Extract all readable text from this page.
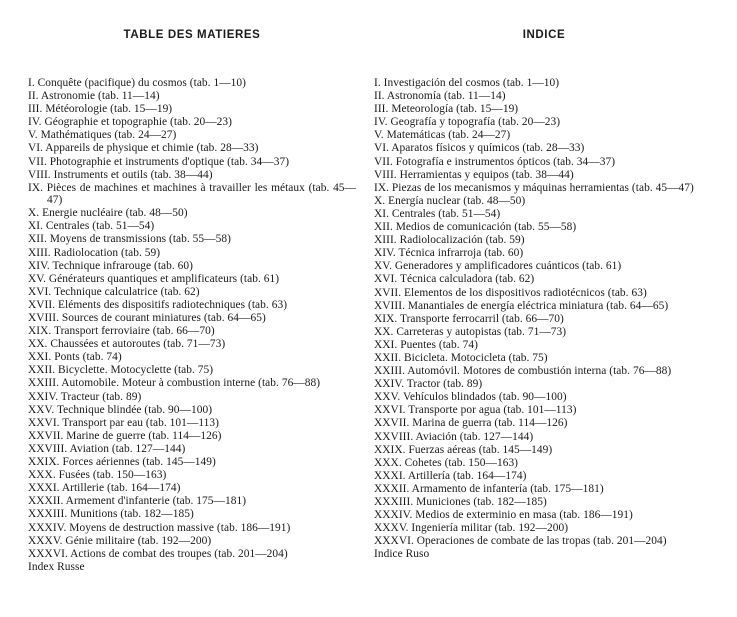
TABLE DES MATIERES
I. Conquête (pacifique) du cosmos (tab. 1—10)
II. Astronomie (tab. 11—14)
III. Météorologie (tab. 15—19)
IV. Géographie et topographie (tab. 20—23)
V. Mathématiques (tab. 24—27)
VI. Appareils de physique et chimie (tab. 28—33)
VII. Photographie et instruments d'optique (tab. 34—37)
VIII. Instruments et outils (tab. 38—44)
IX. Pièces de machines et machines à travailler les métaux (tab. 45—47)
X. Energie nucléaire (tab. 48—50)
XI. Centrales (tab. 51—54)
XII. Moyens de transmissions (tab. 55—58)
XIII. Radiolocation (tab. 59)
XIV. Technique infrarouge (tab. 60)
XV. Générateurs quantiques et amplificateurs (tab. 61)
XVI. Technique calculatrice (tab. 62)
XVII. Eléments des dispositifs radiotechniques (tab. 63)
XVIII. Sources de courant miniatures (tab. 64—65)
XIX. Transport ferroviaire (tab. 66—70)
XX. Chaussées et autoroutes (tab. 71—73)
XXI. Ponts (tab. 74)
XXII. Bicyclette. Motocyclette (tab. 75)
XXIII. Automobile. Moteur à combustion interne (tab. 76—88)
XXIV. Tracteur (tab. 89)
XXV. Technique blindée (tab. 90—100)
XXVI. Transport par eau (tab. 101—113)
XXVII. Marine de guerre (tab. 114—126)
XXVIII. Aviation (tab. 127—144)
XXIX. Forces aériennes (tab. 145—149)
XXX. Fusées (tab. 150—163)
XXXI. Artillerie (tab. 164—174)
XXXII. Armement d'infanterie (tab. 175—181)
XXXIII. Munitions (tab. 182—185)
XXXIV. Moyens de destruction massive (tab. 186—191)
XXXV. Génie militaire (tab. 192—200)
XXXVI. Actions de combat des troupes (tab. 201—204)
Index Russe
INDICE
I. Investigación del cosmos (tab. 1—10)
II. Astronomía (tab. 11—14)
III. Meteorología (tab. 15—19)
IV. Geografía y topografía (tab. 20—23)
V. Matemáticas (tab. 24—27)
VI. Aparatos físicos y químicos (tab. 28—33)
VII. Fotografía e instrumentos ópticos (tab. 34—37)
VIII. Herramientas y equipos (tab. 38—44)
IX. Piezas de los mecanismos y máquinas herramientas (tab. 45—47)
X. Energía nuclear (tab. 48—50)
XI. Centrales (tab. 51—54)
XII. Medios de comunicación (tab. 55—58)
XIII. Radiolocalización (tab. 59)
XIV. Técnica infrarroja (tab. 60)
XV. Generadores y amplificadores cuánticos (tab. 61)
XVI. Técnica calculadora (tab. 62)
XVII. Elementos de los dispositivos radiotécnicos (tab. 63)
XVIII. Manantiales de energía eléctrica miniatura (tab. 64—65)
XIX. Transporte ferrocarril (tab. 66—70)
XX. Carreteras y autopistas (tab. 71—73)
XXI. Puentes (tab. 74)
XXII. Bicicleta. Motocicleta (tab. 75)
XXIII. Automóvil. Motores de combustión interna (tab. 76—88)
XXIV. Tractor (tab. 89)
XXV. Vehículos blindados (tab. 90—100)
XXVI. Transporte por agua (tab. 101—113)
XXVII. Marina de guerra (tab. 114—126)
XXVIII. Aviación (tab. 127—144)
XXIX. Fuerzas aéreas (tab. 145—149)
XXX. Cohetes (tab. 150—163)
XXXI. Artillería (tab. 164—174)
XXXII. Armamento de infantería (tab. 175—181)
XXXIII. Municiones (tab. 182—185)
XXXIV. Medios de exterminio en masa (tab. 186—191)
XXXV. Ingeniería militar (tab. 192—200)
XXXVI. Operaciones de combate de las tropas (tab. 201—204)
Indice Ruso
